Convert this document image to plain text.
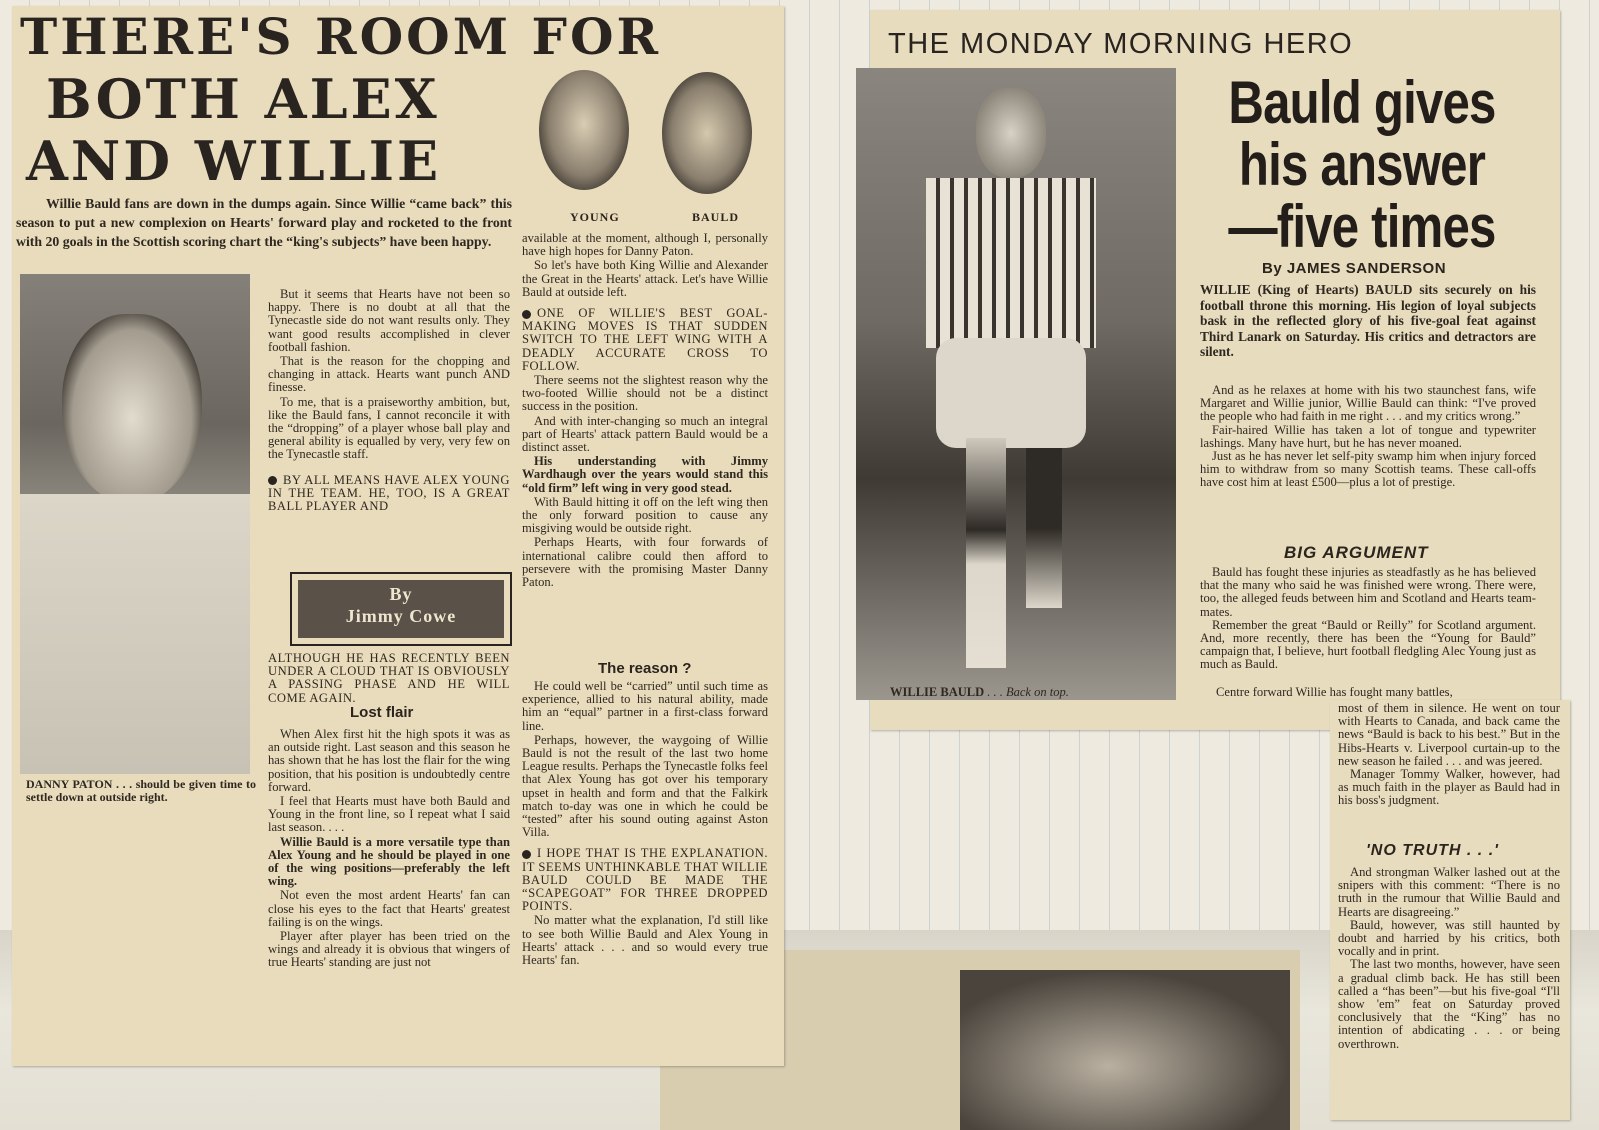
THERE'S ROOM FOR
BOTH ALEX
AND WILLIE
YOUNG	BAULD
Willie Bauld fans are down in the dumps again. Since Willie “came back” this season to put a new complexion on Hearts' forward play and rocketed to the front with 20 goals in the Scottish scoring chart the “king's subjects” have been happy.
DANNY PATON . . . should be given time to settle down at outside right.

But it seems that Hearts have not been so happy. There is no doubt at all that the Tynecastle side do not want results only. They want good results accomplished in clever football fashion.

That is the reason for the chopping and changing in attack. Hearts want punch AND finesse.

To me, that is a praiseworthy ambition, but, like the Bauld fans, I cannot reconcile it with the “dropping” of a player whose ball play and general ability is equalled by very, very few on the Tynecastle staff.

BY ALL MEANS HAVE ALEX YOUNG IN THE TEAM. HE, TOO, IS A GREAT BALL PLAYER AND

By
Jimmy Cowe

ALTHOUGH HE HAS RECENTLY BEEN UNDER A CLOUD THAT IS OBVIOUSLY A PASSING PHASE AND HE WILL COME AGAIN.

Lost flair

When Alex first hit the high spots it was as an outside right. Last season and this season he has shown that he has lost the flair for the wing position, that his position is undoubtedly centre forward.

I feel that Hearts must have both Bauld and Young in the front line, so I repeat what I said last season. . . .

Willie Bauld is a more versatile type than Alex Young and he should be played in one of the wing positions—preferably the left wing.

Not even the most ardent Hearts' fan can close his eyes to the fact that Hearts' greatest failing is on the wings.

Player after player has been tried on the wings and already it is obvious that wingers of true Hearts' standing are just not

available at the moment, although I, personally have high hopes for Danny Paton.

So let's have both King Willie and Alexander the Great in the Hearts' attack. Let's have Willie Bauld at outside left.

ONE OF WILLIE'S BEST GOAL-MAKING MOVES IS THAT SUDDEN SWITCH TO THE LEFT WING WITH A DEADLY ACCURATE CROSS TO FOLLOW.

There seems not the slightest reason why the two-footed Willie should not be a distinct success in the position.

And with inter-changing so much an integral part of Hearts' attack pattern Bauld would be a distinct asset.

His understanding with Jimmy Wardhaugh over the years would stand this “old firm” left wing in very good stead.

With Bauld hitting it off on the left wing then the only forward position to cause any misgiving would be outside right.

Perhaps Hearts, with four forwards of international calibre could then afford to persevere with the promising Master Danny Paton.

The reason ?

He could well be “carried” until such time as experience, allied to his natural ability, made him an “equal” partner in a first-class forward line.

Perhaps, however, the waygoing of Willie Bauld is not the result of the last two home League results. Perhaps the Tynecastle folks feel that Alex Young has got over his temporary upset in health and form and that the Falkirk match to-day was one in which he could be “tested” after his sound outing against Aston Villa.

I HOPE THAT IS THE EXPLANATION. IT SEEMS UNTHINKABLE THAT WILLIE BAULD COULD BE MADE THE “SCAPEGOAT” FOR THREE DROPPED POINTS.

No matter what the explanation, I'd still like to see both Willie Bauld and Alex Young in Hearts' attack . . . and so would every true Hearts' fan.

THE MONDAY MORNING HERO
WILLIE BAULD . . . Back on top.
Bauld gives
his answer
—five times
By JAMES SANDERSON
WILLIE (King of Hearts) BAULD sits securely on his football throne this morning. His legion of loyal subjects bask in the reflected glory of his five-goal feat against Third Lanark on Saturday. His critics and detractors are silent.

And as he relaxes at home with his two staunchest fans, wife Margaret and Willie junior, Willie Bauld can think: “I've proved the people who had faith in me right . . . and my critics wrong.”

Fair-haired Willie has taken a lot of tongue and typewriter lashings. Many have hurt, but he has never moaned.

Just as he has never let self-pity swamp him when injury forced him to withdraw from so many Scottish teams. These call-offs have cost him at least £500—plus a lot of prestige.

BIG ARGUMENT

Bauld has fought these injuries as steadfastly as he has believed that the many who said he was finished were wrong. There were, too, the alleged feuds between him and Scotland and Hearts team-mates.

Remember the great “Bauld or Reilly” for Scotland argument. And, more recently, there has been the “Young for Bauld” campaign that, I believe, hurt football fledgling Alec Young just as much as Bauld.

Centre forward Willie has fought many battles,

most of them in silence. He went on tour with Hearts to Canada, and back came the news “Bauld is back to his best.” But in the Hibs-Hearts v. Liverpool curtain-up to the new season he failed . . . and was jeered.

Manager Tommy Walker, however, had as much faith in the player as Bauld had in his boss's judgment.

'NO TRUTH . . .'

And strongman Walker lashed out at the snipers with this comment: “There is no truth in the rumour that Willie Bauld and Hearts are disagreeing.”

Bauld, however, was still haunted by doubt and harried by his critics, both vocally and in print.

The last two months, however, have seen a gradual climb back. He has still been called a “has been”—but his five-goal “I'll show 'em” feat on Saturday proved conclusively that the “King” has no intention of abdicating . . . or being overthrown.
